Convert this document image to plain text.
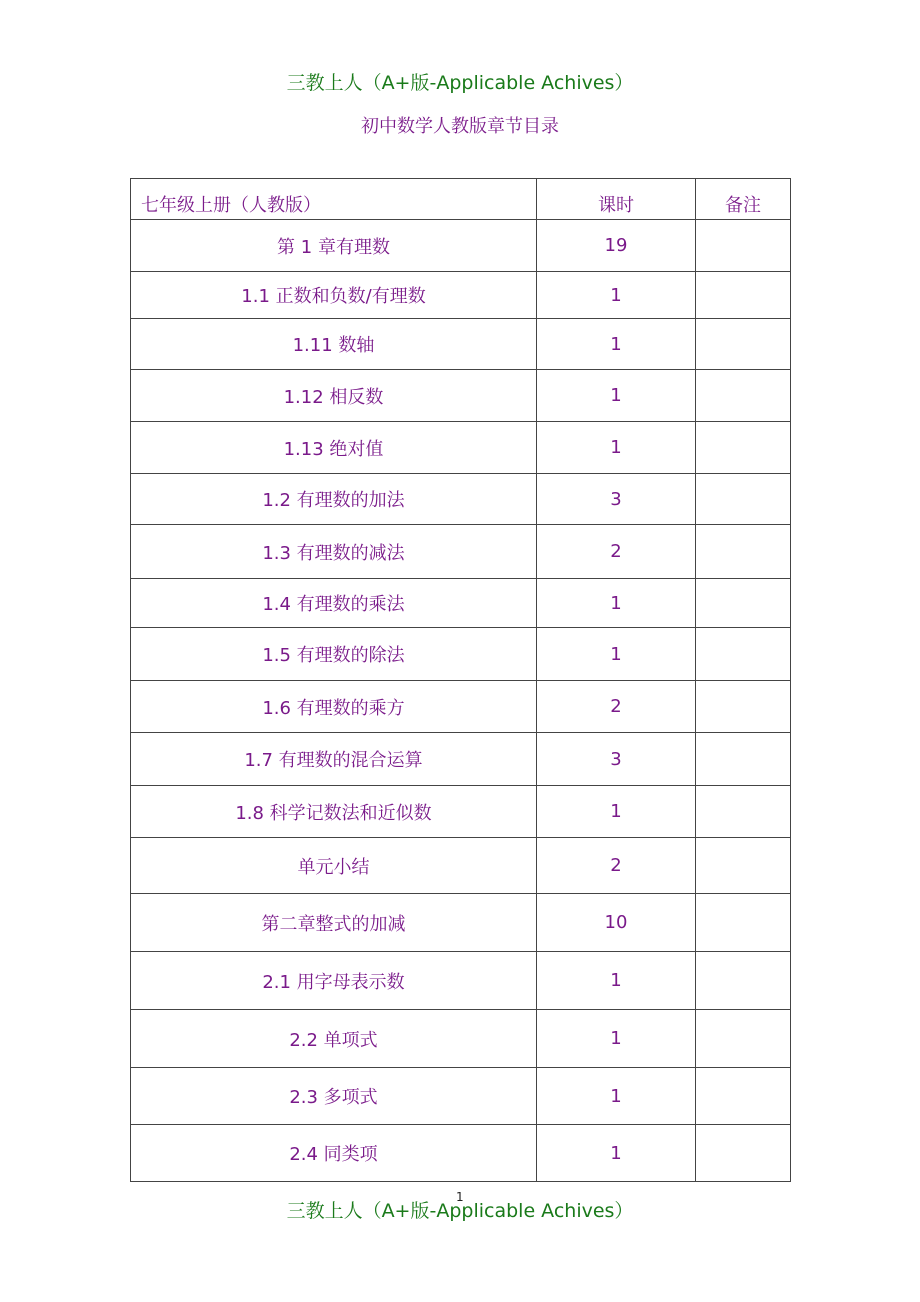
三教上人（A+版-Applicable Achives）
初中数学人教版章节目录
七年级上册（人教版）	课时	备注
第 1 章有理数	19	
1.1 正数和负数/有理数	1	
1.11 数轴	1	
1.12 相反数	1	
1.13 绝对值	1	
1.2 有理数的加法	3	
1.3 有理数的减法	2	
1.4 有理数的乘法	1	
1.5 有理数的除法	1	
1.6 有理数的乘方	2	
1.7 有理数的混合运算	3	
1.8 科学记数法和近似数	1	
单元小结	2	
第二章整式的加减	10	
2.1 用字母表示数	1	
2.2 单项式	1	
2.3 多项式	1	
2.4 同类项	1	
三教上人（A+版-Applicable Achives）
1
